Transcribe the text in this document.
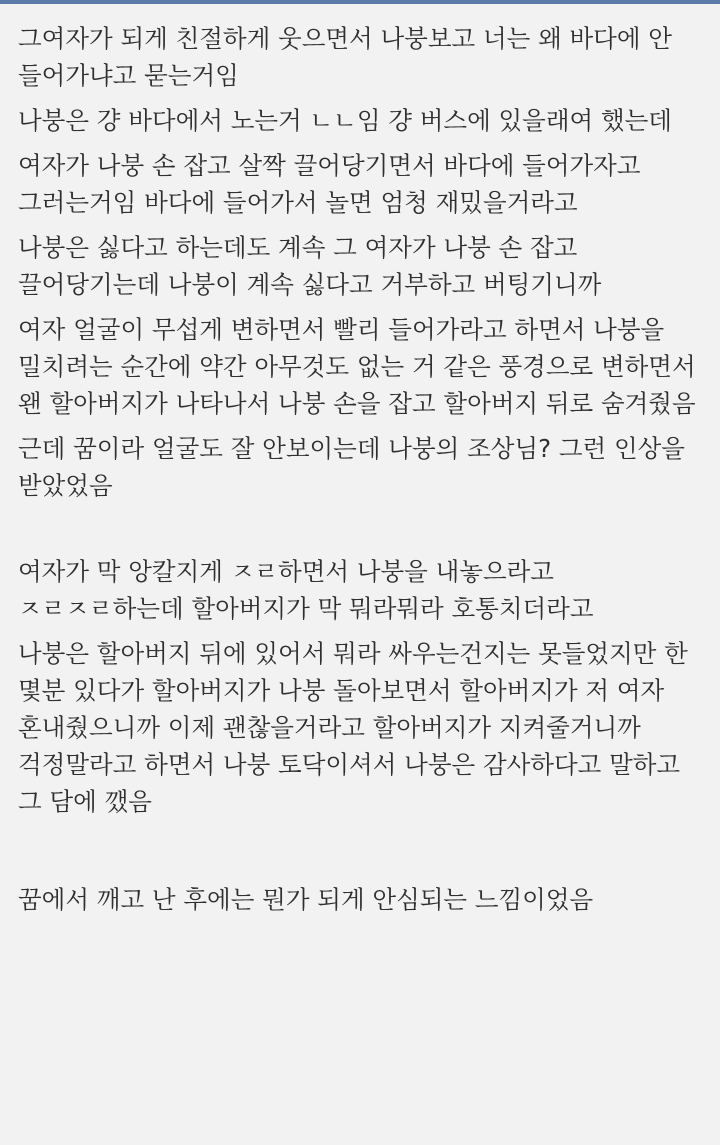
그여자가 되게 친절하게 웃으면서 나붕보고 너는 왜 바다에 안 들어가냐고 묻는거임

나붕은 걍 바다에서 노는거 ㄴㄴ임 걍 버스에 있을래여 했는데

여자가 나붕 손 잡고 살짝 끌어당기면서 바다에 들어가자고 그러는거임 바다에 들어가서 놀면 엄청 재밌을거라고

나붕은 싫다고 하는데도 계속 그 여자가 나붕 손 잡고 끌어당기는데 나붕이 계속 싫다고 거부하고 버팅기니까

여자 얼굴이 무섭게 변하면서 빨리 들어가라고 하면서 나붕을 밀치려는 순간에 약간 아무것도 없는 거 같은 풍경으로 변하면서 왠 할아버지가 나타나서 나붕 손을 잡고 할아버지 뒤로 숨겨줬음

근데 꿈이라 얼굴도 잘 안보이는데 나붕의 조상님? 그런 인상을 받았었음

여자가 막 앙칼지게 ㅈㄹ하면서 나붕을 내놓으라고 ㅈㄹㅈㄹ하는데 할아버지가 막 뭐라뭐라 호통치더라고

나붕은 할아버지 뒤에 있어서 뭐라 싸우는건지는 못들었지만 한 몇분 있다가 할아버지가 나붕 돌아보면서 할아버지가 저 여자 혼내줬으니까 이제 괜찮을거라고 할아버지가 지켜줄거니까 걱정말라고 하면서 나붕 토닥이셔서 나붕은 감사하다고 말하고 그 담에 깼음

꿈에서 깨고 난 후에는 뭔가 되게 안심되는 느낌이었음
